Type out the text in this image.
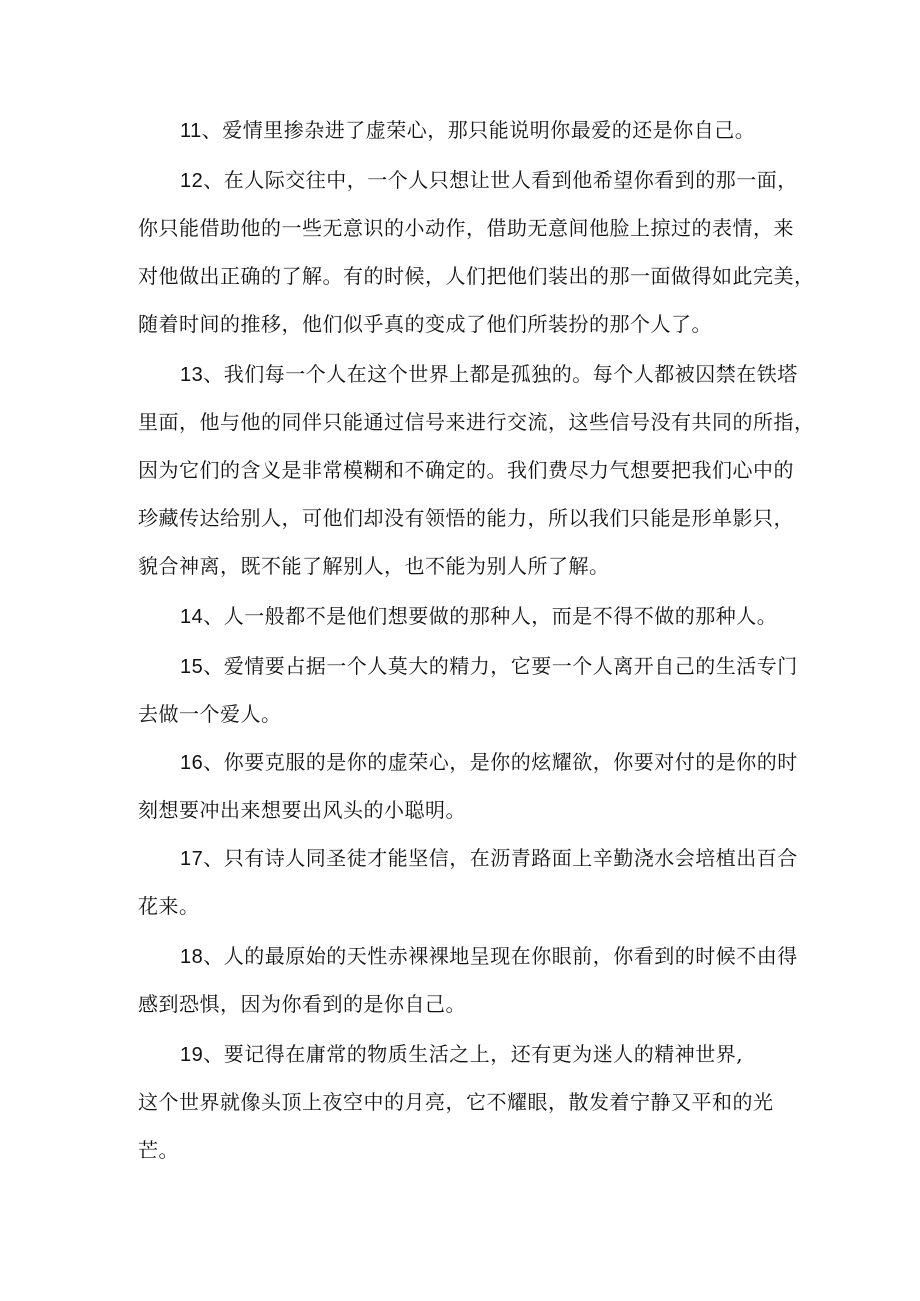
11、爱情里掺杂进了虚荣心，那只能说明你最爱的还是你自己。

12、在人际交往中，一个人只想让世人看到他希望你看到的那一面，
你只能借助他的一些无意识的小动作，借助无意间他脸上掠过的表情，来
对他做出正确的了解。有的时候，人们把他们装出的那一面做得如此完美，
随着时间的推移，他们似乎真的变成了他们所装扮的那个人了。

13、我们每一个人在这个世界上都是孤独的。每个人都被囚禁在铁塔
里面，他与他的同伴只能通过信号来进行交流，这些信号没有共同的所指，
因为它们的含义是非常模糊和不确定的。我们费尽力气想要把我们心中的
珍藏传达给别人，可他们却没有领悟的能力，所以我们只能是形单影只，
貌合神离，既不能了解别人，也不能为别人所了解。

14、人一般都不是他们想要做的那种人，而是不得不做的那种人。

15、爱情要占据一个人莫大的精力，它要一个人离开自己的生活专门
去做一个爱人。

16、你要克服的是你的虚荣心，是你的炫耀欲，你要对付的是你的时
刻想要冲出来想要出风头的小聪明。

17、只有诗人同圣徒才能坚信，在沥青路面上辛勤浇水会培植出百合
花来。

18、人的最原始的天性赤裸裸地呈现在你眼前，你看到的时候不由得
感到恐惧，因为你看到的是你自己。

19、要记得在庸常的物质生活之上，还有更为迷人的精神世界,
这个世界就像头顶上夜空中的月亮，它不耀眼，散发着宁静又平和的光
芒。
